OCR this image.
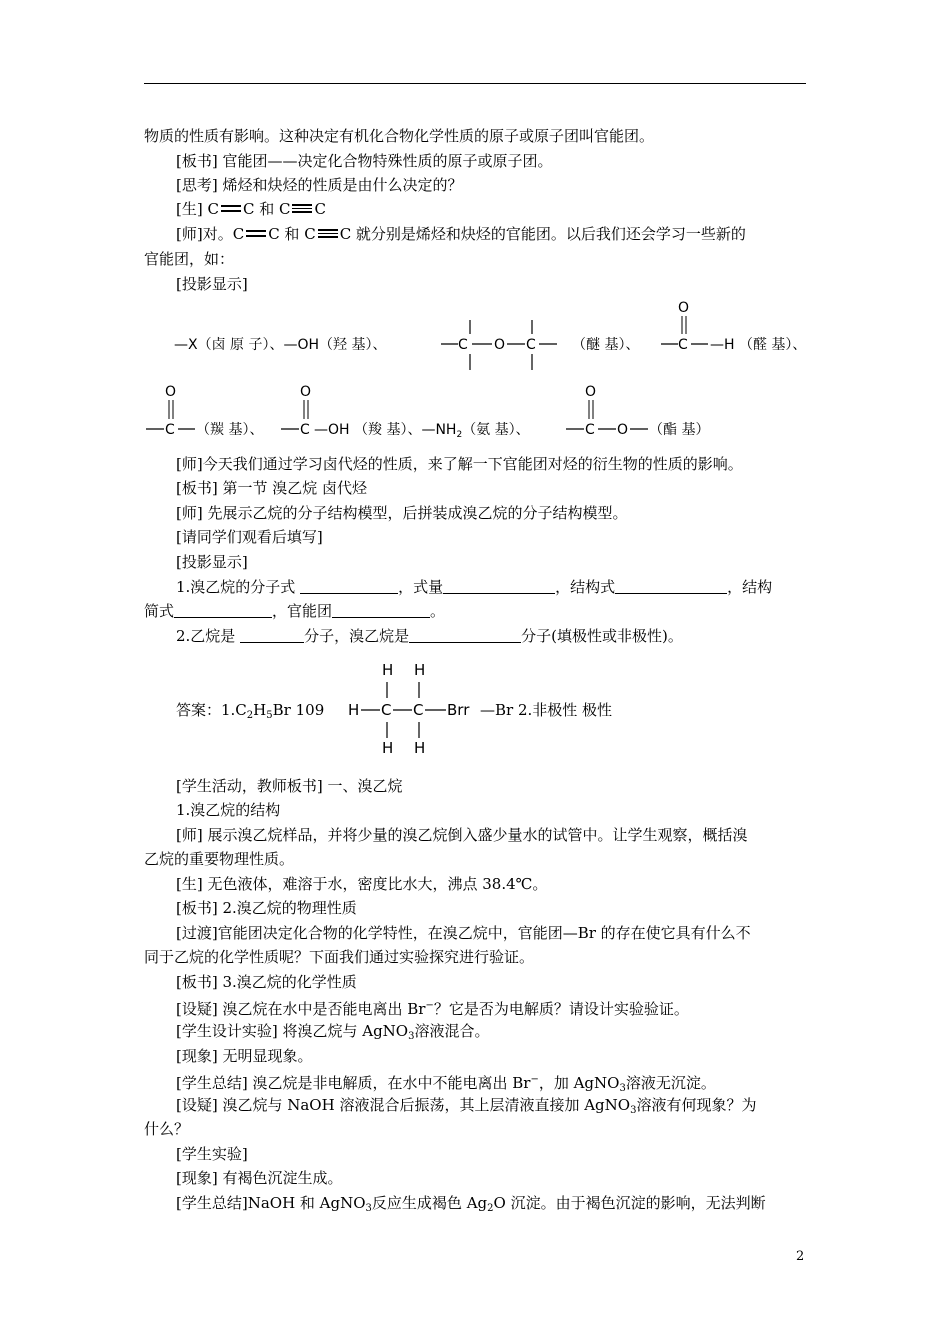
物质的性质有影响。这种决定有机化合物化学性质的原子或原子团叫官能团。
[板书] 官能团——决定化合物特殊性质的原子或原子团。
[思考] 烯烃和炔烃的性质是由什么决定的？
[生] C C 和 C C
[师]对。C C 和 C C 就分别是烯烃和炔烃的官能团。以后我们还会学习一些新的
官能团，如：
[投影显示]
—X（卤 原 子）、—OH（羟 基）、	C O C	（醚 基）、
O
C —H （醛 基）、
O
C （羰 基）、
O
C —OH （羧 基）、$—NH_2$（氨 基）、
O
C O （酯 基）
[师]今天我们通过学习卤代烃的性质，来了解一下官能团对烃的衍生物的性质的影响。
[板书] 第一节 溴乙烷 卤代烃
[师] 先展示乙烷的分子结构模型，后拼装成溴乙烷的分子结构模型。
[请同学们观看后填写]
[投影显示]
1.溴乙烷的分子式	，式量	，结构式	，结构
简式	，官能团	。
2.乙烷是	分子，溴乙烷是	分子(填极性或非极性)。
答案：$1.C_2H_5Br$ 109
H H
H C C Brr
H H
—Br 2.非极性 极性
[学生活动，教师板书] 一、溴乙烷
1.溴乙烷的结构
[师] 展示溴乙烷样品，并将少量的溴乙烷倒入盛少量水的试管中。让学生观察，概括溴
乙烷的重要物理性质。
[生] 无色液体，难溶于水，密度比水大，沸点 38.4℃。
[板书] 2.溴乙烷的物理性质
[过渡]官能团决定化合物的化学特性，在溴乙烷中，官能团—Br 的存在使它具有什么不
同于乙烷的化学性质呢？下面我们通过实验探究进行验证。
[板书] 3.溴乙烷的化学性质
[设疑] 溴乙烷在水中是否能电离出 Br−？它是否为电解质？请设计实验验证。
[学生设计实验] 将溴乙烷与 AgNO$_3$溶液混合。
[现象] 无明显现象。
[学生总结] 溴乙烷是非电解质，在水中不能电离出 Br−，加 AgNO$_3$溶液无沉淀。
[设疑] 溴乙烷与 NaOH 溶液混合后振荡，其上层清液直接加 AgNO$_3$溶液有何现象？为
什么？
[学生实验]
[现象] 有褐色沉淀生成。
[学生总结]NaOH 和 AgNO$_3$反应生成褐色 $Ag_2O$ 沉淀。由于褐色沉淀的影响，无法判断
2
